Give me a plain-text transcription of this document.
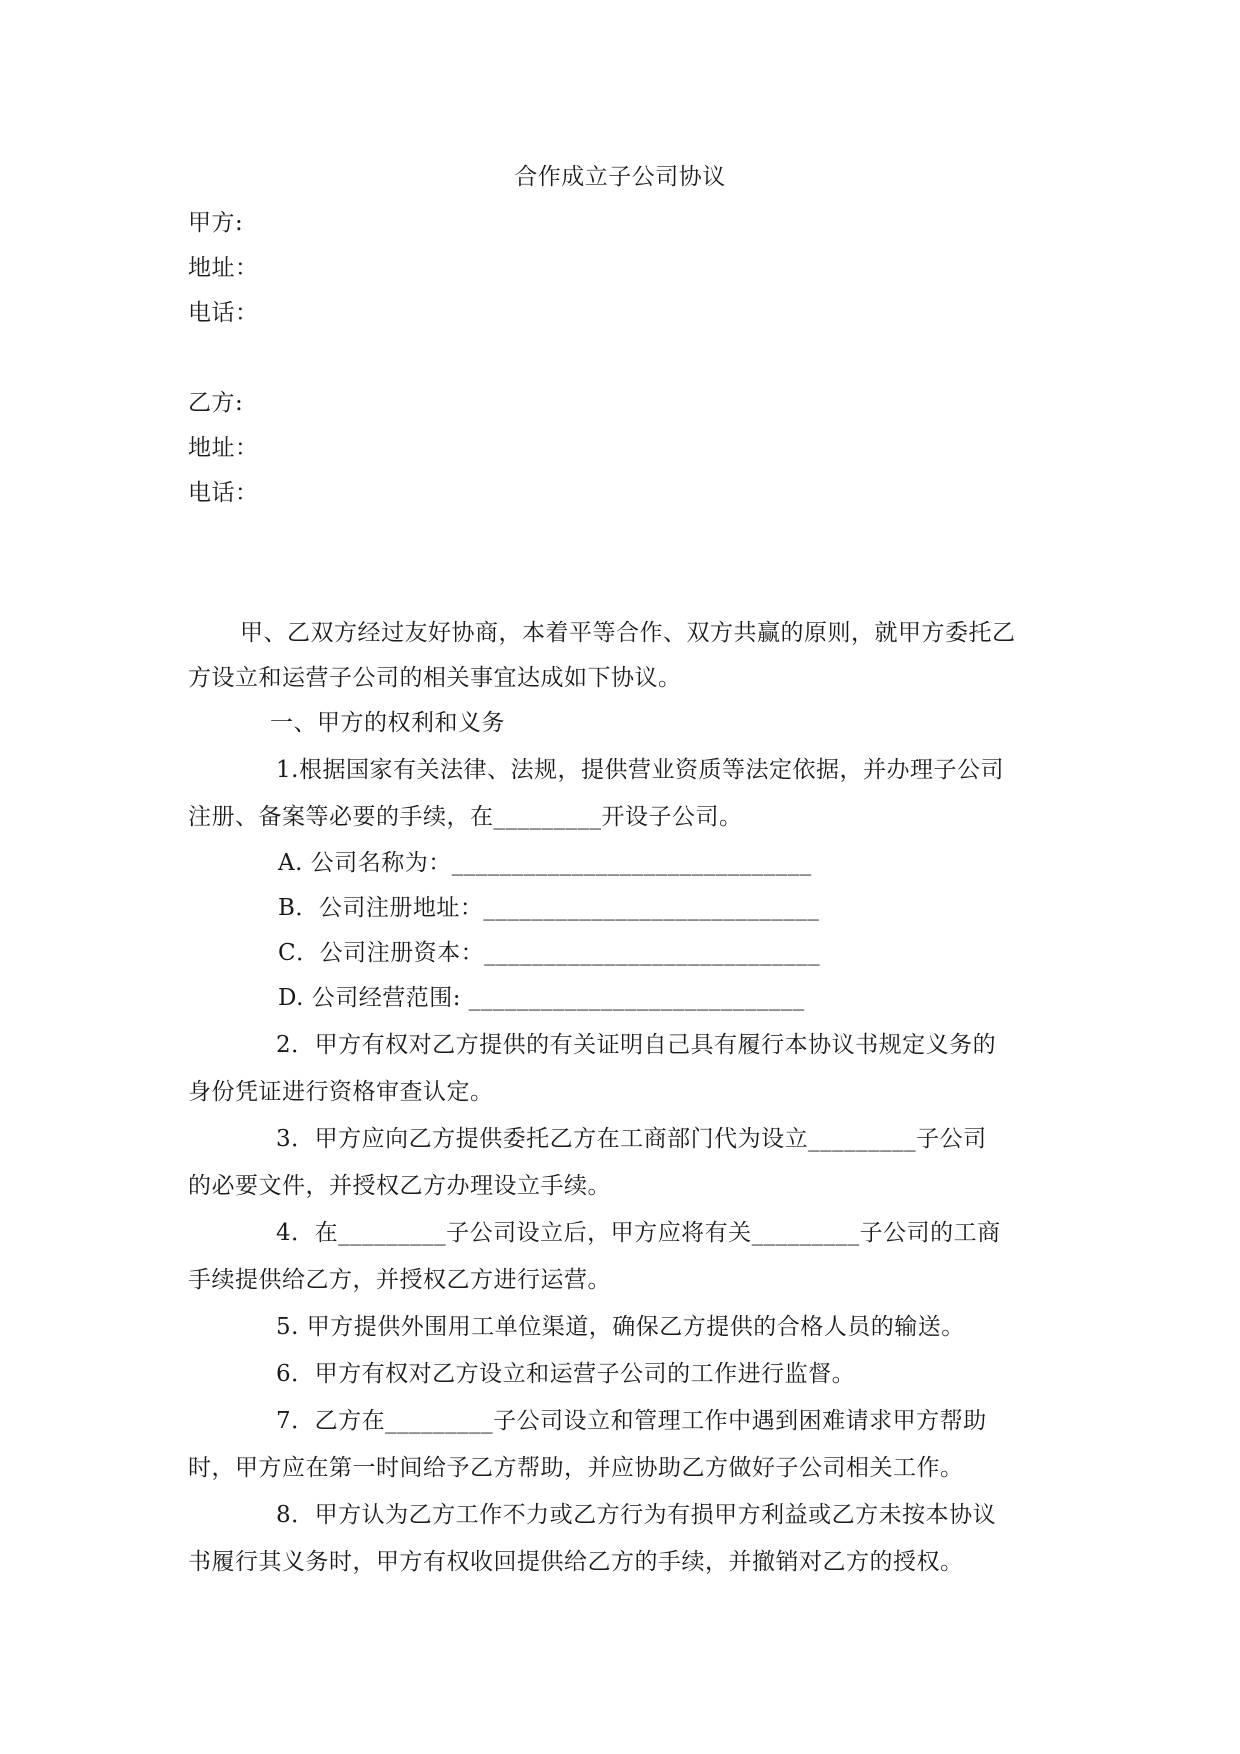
合作成立子公司协议
甲方:
地址：
电话：
乙方:
地址：
电话：
甲、乙双方经过友好协商，本着平等合作、双方共赢的原则，就甲方委托乙
方设立和运营子公司的相关事宜达成如下协议。
一、甲方的权利和义务
1.根据国家有关法律、法规，提供营业资质等法定依据，并办理子公司
注册、备案等必要的手续，在_________开设子公司。
A. 公司名称为：______________________________
B．公司注册地址：____________________________
C．公司注册资本：____________________________
D. 公司经营范围: ____________________________
2．甲方有权对乙方提供的有关证明自己具有履行本协议书规定义务的
身份凭证进行资格审查认定。
3．甲方应向乙方提供委托乙方在工商部门代为设立_________子公司
的必要文件，并授权乙方办理设立手续。
4．在_________子公司设立后，甲方应将有关_________子公司的工商
手续提供给乙方，并授权乙方进行运营。
5. 甲方提供外围用工单位渠道，确保乙方提供的合格人员的输送。
6．甲方有权对乙方设立和运营子公司的工作进行监督。
7．乙方在_________子公司设立和管理工作中遇到困难请求甲方帮助
时，甲方应在第一时间给予乙方帮助，并应协助乙方做好子公司相关工作。
8．甲方认为乙方工作不力或乙方行为有损甲方利益或乙方未按本协议
书履行其义务时，甲方有权收回提供给乙方的手续，并撤销对乙方的授权。
